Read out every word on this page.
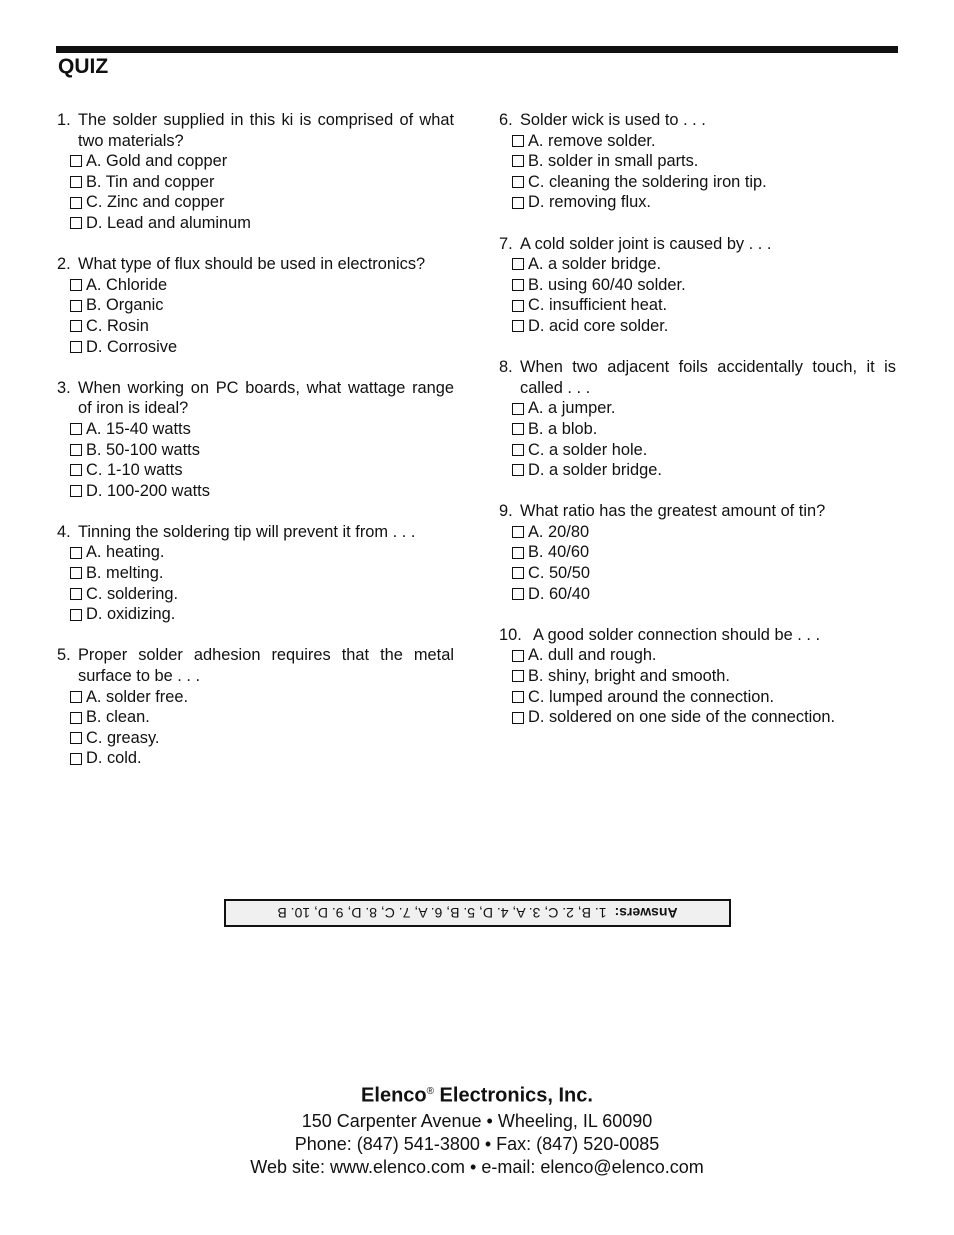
QUIZ
1. The solder supplied in this ki is comprised of what two materials?
A. Gold and copper
B. Tin and copper
C. Zinc and copper
D. Lead and aluminum
2. What type of flux should be used in electronics?
A. Chloride
B. Organic
C. Rosin
D. Corrosive
3. When working on PC boards, what wattage range of iron is ideal?
A. 15-40 watts
B. 50-100 watts
C. 1-10 watts
D. 100-200 watts
4. Tinning the soldering tip will prevent it from . . .
A. heating.
B. melting.
C. soldering.
D. oxidizing.
5. Proper solder adhesion requires that the metal surface to be . . .
A. solder free.
B. clean.
C. greasy.
D. cold.
6. Solder wick is used to . . .
A. remove solder.
B. solder in small parts.
C. cleaning the soldering iron tip.
D. removing flux.
7. A cold solder joint is caused by . . .
A. a solder bridge.
B. using 60/40 solder.
C. insufficient heat.
D. acid core solder.
8. When two adjacent foils accidentally touch, it is called . . .
A. a jumper.
B. a blob.
C. a solder hole.
D. a solder bridge.
9. What ratio has the greatest amount of tin?
A. 20/80
B. 40/60
C. 50/50
D. 60/40
10. A good solder connection should be . . .
A. dull and rough.
B. shiny, bright and smooth.
C. lumped around the connection.
D. soldered on one side of the connection.
Answers:
1. B, 2. C, 3. A, 4. D, 5. B, 6. A, 7. C, 8. D, 9. D, 10. B
Elenco® Electronics, Inc.
150 Carpenter Avenue • Wheeling, IL 60090
Phone: (847) 541-3800 • Fax: (847) 520-0085
Web site: www.elenco.com • e-mail: elenco@elenco.com
